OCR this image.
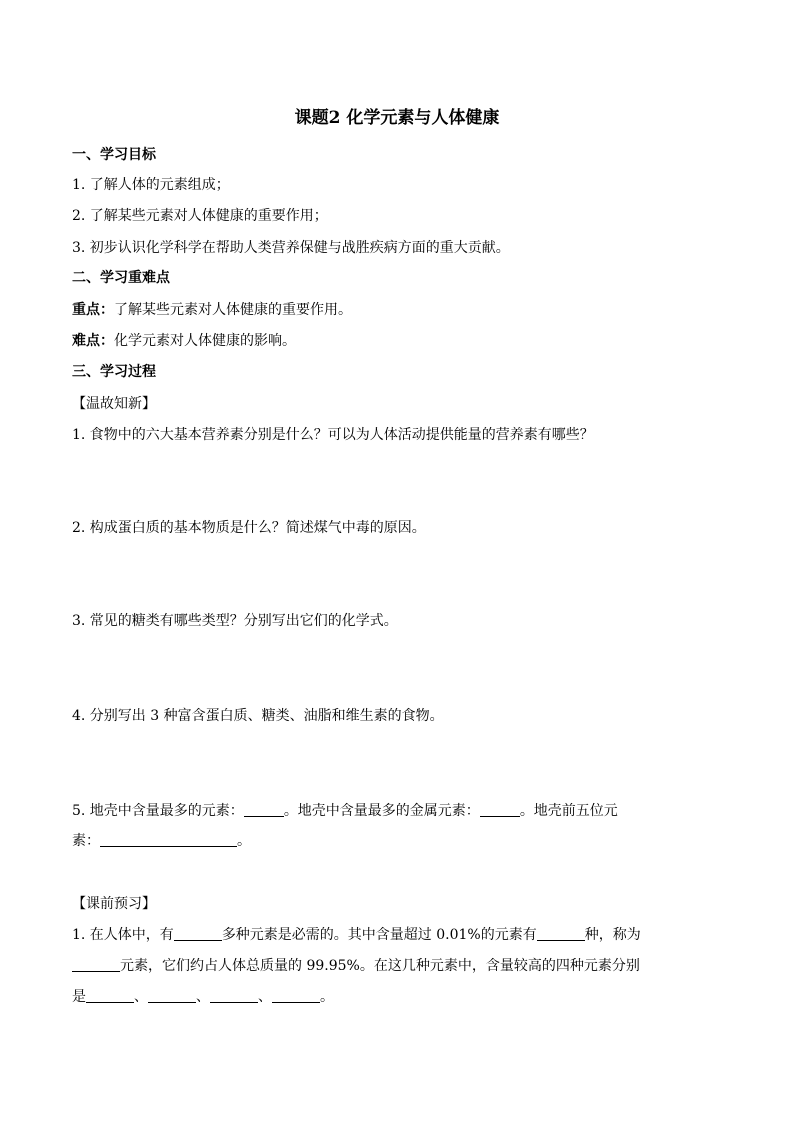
课题2 化学元素与人体健康
一、学习目标
1. 了解人体的元素组成；
2. 了解某些元素对人体健康的重要作用；
3. 初步认识化学科学在帮助人类营养保健与战胜疾病方面的重大贡献。
二、学习重难点
重点：了解某些元素对人体健康的重要作用。
难点：化学元素对人体健康的影响。
三、学习过程
【温故知新】
1. 食物中的六大基本营养素分别是什么？可以为人体活动提供能量的营养素有哪些？
2. 构成蛋白质的基本物质是什么？简述煤气中毒的原因。
3. 常见的糖类有哪些类型？分别写出它们的化学式。
4. 分别写出 3 种富含蛋白质、糖类、油脂和维生素的食物。
5. 地壳中含量最多的元素：	。地壳中含量最多的金属元素：	。地壳前五位元
素：	。
【课前预习】
1. 在人体中，有	多种元素是必需的。其中含量超过 0.01%的元素有	种，称为
元素，它们约占人体总质量的 99.95%。在这几种元素中，含量较高的四种元素分别
是	、	、	、	。
